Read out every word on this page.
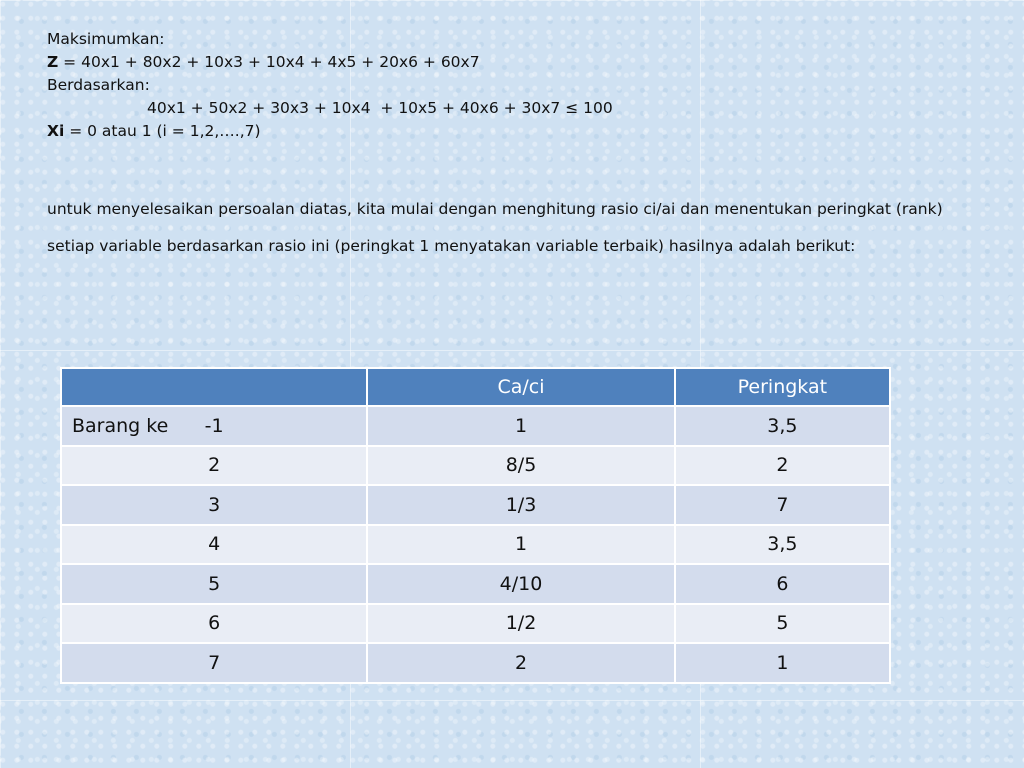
Maksimumkan:

Z = 40x1 + 80x2 + 10x3 + 10x4 + 4x5 + 20x6 + 60x7

Berdasarkan:

40x1 + 50x2 + 30x3 + 10x4  + 10x5 + 40x6 + 30x7 ≤ 100

Xi = 0 atau 1 (i = 1,2,….,7)

untuk menyelesaikan persoalan diatas, kita mulai dengan menghitung rasio ci/ai dan menentukan peringkat (rank) setiap variable berdasarkan rasio ini (peringkat 1 menyatakan variable terbaik) hasilnya adalah berikut:

	Ca/ci	Peringkat

Barang ke -1	1	3,5
2	8/5	2
3	1/3	7
4	1	3,5
5	4/10	6
6	1/2	5
7	2	1
